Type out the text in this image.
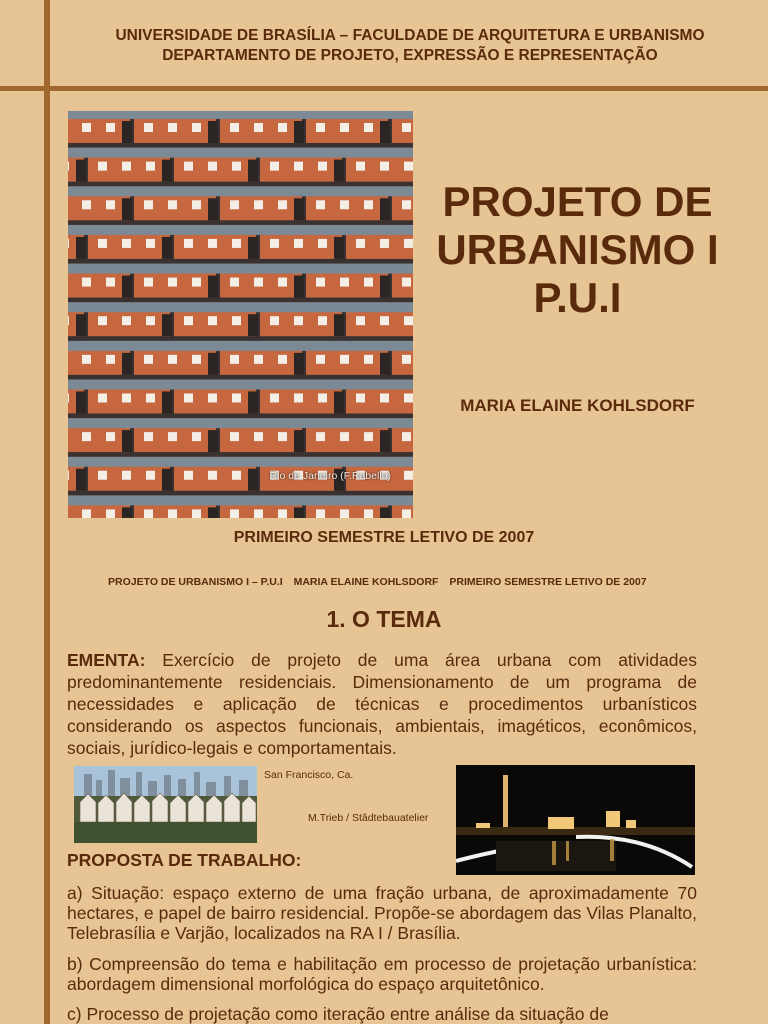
UNIVERSIDADE DE BRASÍLIA – FACULDADE DE ARQUITETURA E URBANISMO
DEPARTAMENTO DE PROJETO, EXPRESSÃO E REPRESENTAÇÃO
Rio de Janeiro (F.Rabello)
PROJETO DE
URBANISMO I
P.U.I
MARIA ELAINE KOHLSDORF
PRIMEIRO SEMESTRE LETIVO DE 2007
PROJETO DE URBANISMO I – P.U.I MARIA ELAINE KOHLSDORF PRIMEIRO SEMESTRE LETIVO DE 2007
1. O TEMA
EMENTA: Exercício de projeto de uma área urbana com atividades predominantemente residenciais. Dimensionamento de um programa de necessidades e aplicação de técnicas e procedimentos urbanísticos considerando os aspectos funcionais, ambientais, imagéticos, econômicos, sociais, jurídico-legais e comportamentais.
San Francisco, Ca.
M.Trieb / Stâdtebauatelier
PROPOSTA DE TRABALHO:
a) Situação: espaço externo de uma fração urbana, de aproximadamente 70 hectares, e papel de bairro residencial. Propõe-se abordagem das Vilas Planalto, Telebrasília e Varjão, localizados na RA I / Brasília.
b) Compreensão do tema e habilitação em processo de projetação urbanística: abordagem dimensional morfológica do espaço arquitetônico.
c) Processo de projetação como iteração entre análise da situação de
